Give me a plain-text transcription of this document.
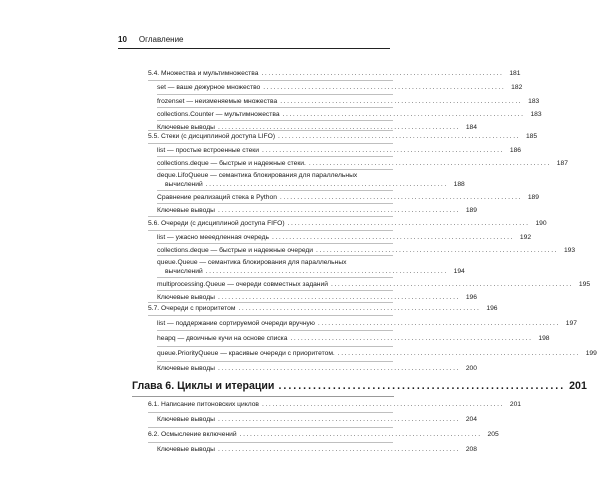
10 Оглавление
5.4. Множества и мультимножества ...................................................................... 181
set — ваше дежурное множество ...................................................................... 182
frozenset — неизменяемые множества ...................................................................... 183
collections.Counter — мультимножества ...................................................................... 183
Ключевые выводы ...................................................................... 184
5.5. Стеки (с дисциплиной доступа LIFO) ...................................................................... 185
list — простые встроенные стеки ...................................................................... 186
collections.deque — быстрые и надежные стеки. ...................................................................... 187
deque.LifoQueue — семантика блокирования для параллельных
вычислений ...................................................................... 188
Сравнение реализаций стека в Python ...................................................................... 189
Ключевые выводы ...................................................................... 189
5.6. Очереди (с дисциплиной доступа FIFO) ...................................................................... 190
list — ужасно мееедленная очередь ...................................................................... 192
collections.deque — быстрые и надежные очереди ...................................................................... 193
queue.Queue — семантика блокирования для параллельных
вычислений ...................................................................... 194
multiprocessing.Queue — очереди совместных заданий ...................................................................... 195
Ключевые выводы ...................................................................... 196
5.7. Очереди с приоритетом ...................................................................... 196
list — поддержание сортируемой очереди вручную ...................................................................... 197
heapq — двоичные кучи на основе списка ...................................................................... 198
queue.PriorityQueue — красивые очереди с приоритетом. ...................................................................... 199
Ключевые выводы ...................................................................... 200
Глава 6. Циклы и итерации .......................................................... 201
6.1. Написание питоновских циклов ...................................................................... 201
Ключевые выводы ...................................................................... 204
6.2. Осмысление включений ...................................................................... 205
Ключевые выводы ...................................................................... 208
